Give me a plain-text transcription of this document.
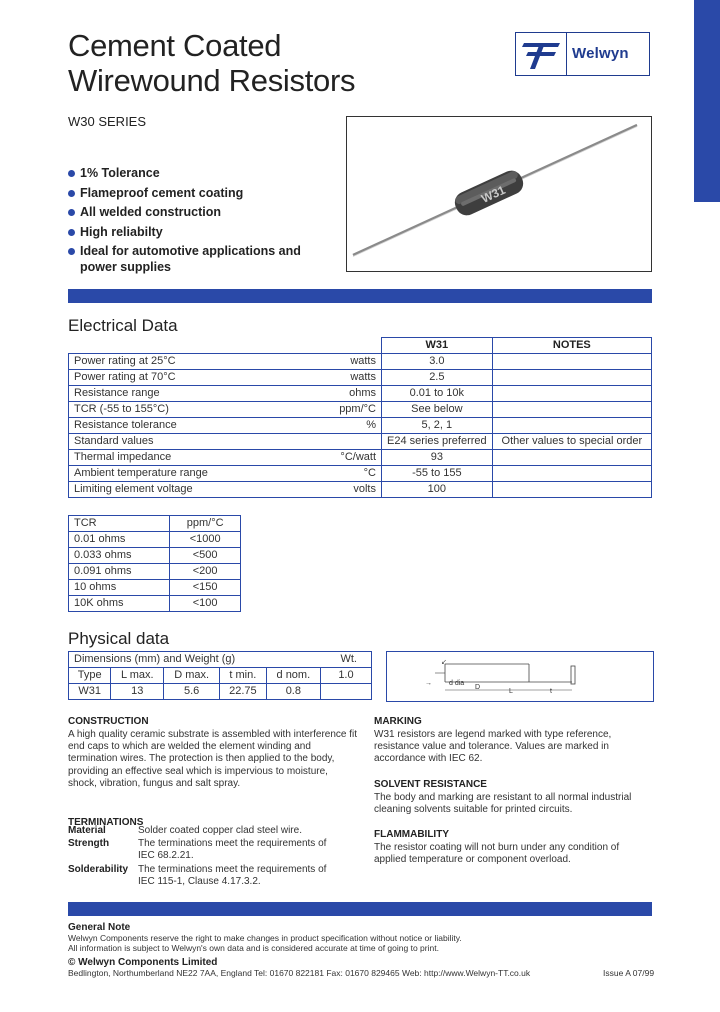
Cement Coated
Wirewound Resistors
W30 SERIES
Welwyn
W31
1% Tolerance
Flameproof cement coating
All welded construction
High reliabilty
Ideal for automotive applications and power supplies
Electrical Data
		W31	NOTES
Power rating at 25°C	watts	3.0	
Power rating at 70°C	watts	2.5	
Resistance range	ohms	0.01 to 10k	
TCR (-55 to 155°C)	ppm/°C	See below	
Resistance tolerance	%	5, 2, 1	
Standard values		E24 series preferred	Other values to special order
Thermal impedance	°C/watt	93	
Ambient temperature range	°C	-55 to 155	
Limiting element voltage	volts	100	
TCR	ppm/°C
0.01 ohms	<1000
0.033 ohms	<500
0.091 ohms	<200
10 ohms	<150
10K ohms	<100
Physical data
Dimensions (mm) and Weight (g)					Wt.
Type	L max.	D max.	t min.	d nom.	1.0
W31	13	5.6	22.75	0.8	
↙
→ d dia
D
L	t
CONSTRUCTION

A high quality ceramic substrate is assembled with interference fit end caps to which are welded the element winding and termination wires. The protection is then applied to the body, providing an effective seal which is impervious to moisture, shock, vibration, fungus and salt spray.

TERMINATIONS
Material	Solder coated copper clad steel wire.
Strength	The terminations meet the requirements of IEC 68.2.21.
Solderability The terminations meet the requirements of IEC 115-1, Clause 4.17.3.2.
MARKING

W31 resistors are legend marked with type reference, resistance value and tolerance. Values are marked in accordance with IEC 62.

SOLVENT RESISTANCE

The body and marking are resistant to all normal industrial cleaning solvents suitable for printed circuits.

FLAMMABILITY

The resistor coating will not burn under any condition of applied temperature or component overload.

General Note
Welwyn Components reserve the right to make changes in product specification without notice or liability.
All information is subject to Welwyn's own data and is considered accurate at time of going to print.
© Welwyn Components Limited
Bedlington, Northumberland NE22 7AA, England Tel: 01670 822181 Fax: 01670 829465 Web: http://www.Welwyn-TT.co.uk	Issue A 07/99
